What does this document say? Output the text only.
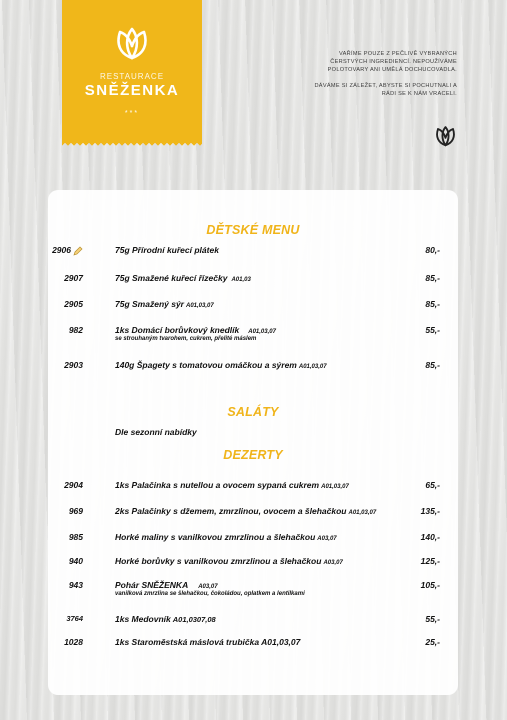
RESTAURACE
SNĚŽENKA
***

VAŘÍME POUZE Z PEČLIVĚ VYBRANÝCH ČERSTVÝCH INGREDIENCÍ. NEPOUŽÍVÁME POLOTOVARY ANI UMĚLÁ DOCHUCOVADLA.

DÁVÁME SI ZÁLEŽET, ABYSTE SI POCHUTNALI A RÁDI SE K NÁM VRACELI.

DĚTSKÉ MENU
2906	75g Přírodní kuřecí plátek	80,-
2907	75g Smažené kuřecí řízečky A01,03	85,-
2905	75g Smažený sýr A01,03,07	85,-
982	1ks Domácí borůvkový knedlík A01,03,07
se strouhaným tvarohem, cukrem, přelité máslem
55,-
2903	140g Špagety s tomatovou omáčkou a sýrem A01,03,07	85,-
SALÁTY
Dle sezonní nabídky
DEZERTY
2904	1ks Palačinka s nutellou a ovocem sypaná cukrem A01,03,07	65,-
969	2ks Palačinky s džemem, zmrzlinou, ovocem a šlehačkou A01,03,07	135,-
985	Horké maliny s vanilkovou zmrzlinou a šlehačkou A03,07	140,-
940	Horké borůvky s vanilkovou zmrzlinou a šlehačkou A03,07	125,-
943	Pohár SNĚŽENKA A03,07
vanilková zmrzlina se šlehačkou, čokoládou, oplatkem a lentilkami
105,-
3764	1ks Medovník A01,0307,08	55,-
1028	1ks Staroměstská máslová trubička A01,03,07	25,-
